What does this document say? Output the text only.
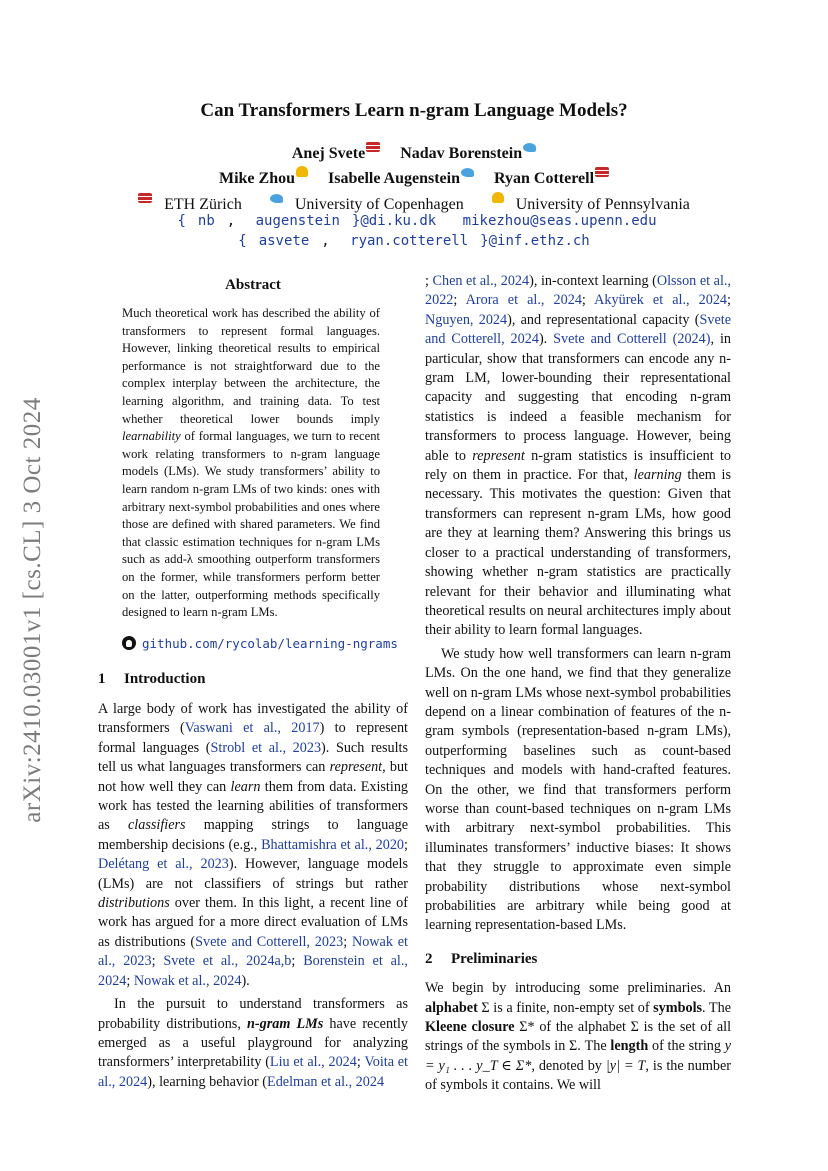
arXiv:2410.03001v1 [cs.CL] 3 Oct 2024
Can Transformers Learn n-gram Language Models?
Anej Svete Nadav Borenstein
Mike Zhou Isabelle Augenstein Ryan Cotterell
ETH Zürich	University of Copenhagen	University of Pennsylvania
{ nb , augenstein }@di.ku.dk mikezhou@seas.upenn.edu
{ asvete , ryan.cotterell }@inf.ethz.ch
Abstract
Much theoretical work has described the ability of transformers to represent formal languages. However, linking theoretical results to empirical performance is not straightforward due to the complex interplay between the architecture, the learning algorithm, and training data. To test whether theoretical lower bounds imply learnability of formal languages, we turn to recent work relating transformers to n-gram language models (LMs). We study transformers’ ability to learn random n-gram LMs of two kinds: ones with arbitrary next-symbol probabilities and ones where those are defined with shared parameters. We find that classic estimation techniques for n-gram LMs such as add-λ smoothing outperform transformers on the former, while transformers perform better on the latter, outperforming methods specifically designed to learn n-gram LMs.
github.com/rycolab/learning-ngrams
1 Introduction

A large body of work has investigated the ability of transformers (Vaswani et al., 2017) to represent formal languages (Strobl et al., 2023). Such results tell us what languages transformers can represent, but not how well they can learn them from data. Existing work has tested the learning abilities of transformers as classifiers mapping strings to language membership decisions (e.g., Bhattamishra et al., 2020; Delétang et al., 2023). However, language models (LMs) are not classifiers of strings but rather distributions over them. In this light, a recent line of work has argued for a more direct evaluation of LMs as distributions (Svete and Cotterell, 2023; Nowak et al., 2023; Svete et al., 2024a,b; Borenstein et al., 2024; Nowak et al., 2024).

In the pursuit to understand transformers as probability distributions, n-gram LMs have recently emerged as a useful playground for analyzing transformers’ interpretability (Liu et al., 2024; Voita et al., 2024), learning behavior (Edelman et al., 2024

; Chen et al., 2024), in-context learning (Olsson et al., 2022; Arora et al., 2024; Akyürek et al., 2024; Nguyen, 2024), and representational capacity (Svete and Cotterell, 2024). Svete and Cotterell (2024), in particular, show that transformers can encode any n-gram LM, lower-bounding their representational capacity and suggesting that encoding n-gram statistics is indeed a feasible mechanism for transformers to process language. However, being able to represent n-gram statistics is insufficient to rely on them in practice. For that, learning them is necessary. This motivates the question: Given that transformers can represent n-gram LMs, how good are they at learning them? Answering this brings us closer to a practical understanding of transformers, showing whether n-gram statistics are practically relevant for their behavior and illuminating what theoretical results on neural architectures imply about their ability to learn formal languages.

We study how well transformers can learn n-gram LMs. On the one hand, we find that they generalize well on n-gram LMs whose next-symbol probabilities depend on a linear combination of features of the n-gram symbols (representation-based n-gram LMs), outperforming baselines such as count-based techniques and models with hand-crafted features. On the other, we find that transformers perform worse than count-based techniques on n-gram LMs with arbitrary next-symbol probabilities. This illuminates transformers’ inductive biases: It shows that they struggle to approximate even simple probability distributions whose next-symbol probabilities are arbitrary while being good at learning representation-based LMs.

2 Preliminaries

We begin by introducing some preliminaries. An alphabet Σ is a finite, non-empty set of symbols. The Kleene closure Σ* of the alphabet Σ is the set of all strings of the symbols in Σ. The length of the string y = y₁ . . . y_T ∈ Σ*, denoted by |y| = T, is the number of symbols it contains. We will
